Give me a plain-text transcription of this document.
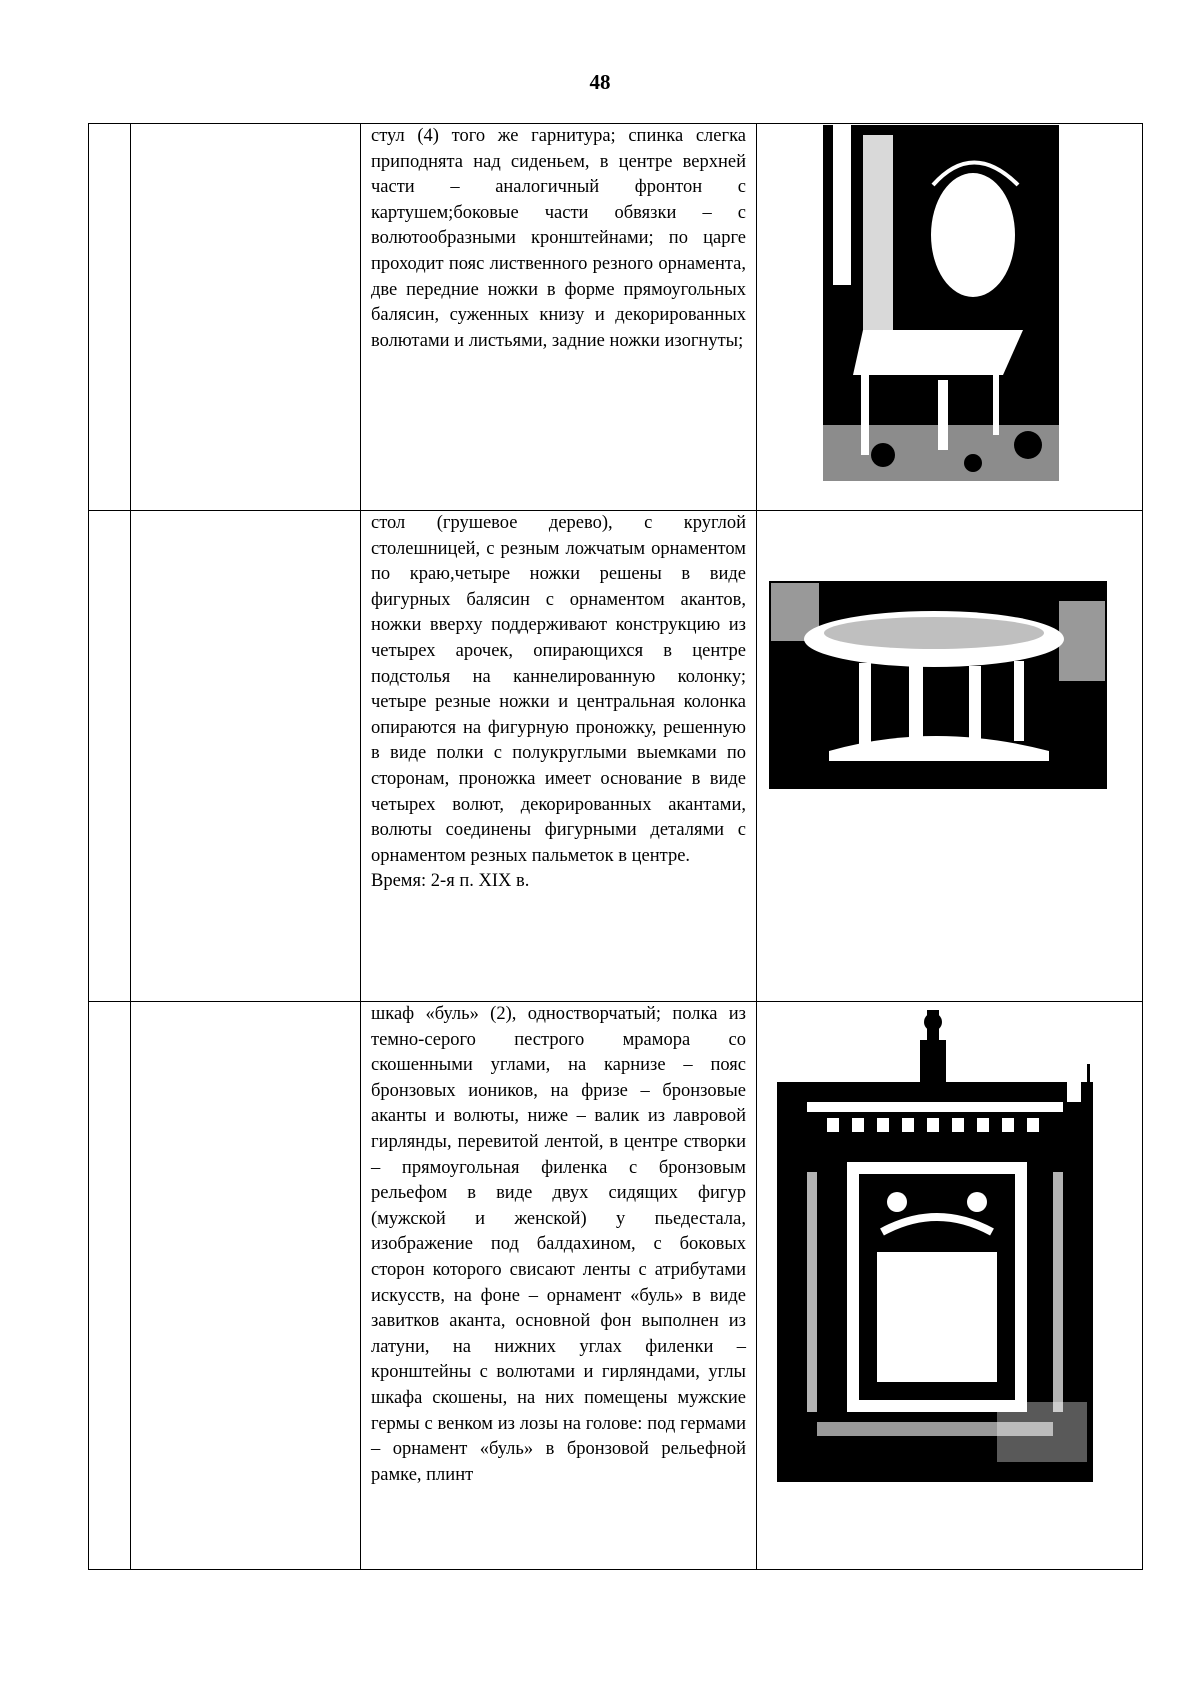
48

		стул (4) того же гарнитура; спинка слегка приподнята над сиденьем, в центре верхней части – аналогичный фронтон с картушем;боковые части обвязки – с волютообразными кронштейнами; по царге проходит пояс лиственного резного орнамента, две передние ножки в форме прямоугольных балясин, суженных книзу и декорированных волютами и листьями, задние ножки изогнуты;

		стол (грушевое дерево), с круглой столешницей, с резным ложчатым орнаментом по краю,четыре ножки решены в виде фигурных балясин с орнаментом акантов, ножки вверху поддерживают конструкцию из четырех арочек, опирающихся в центре подстолья на каннелированную колонку; четыре резные ножки и центральная колонка опираются на фигурную проножку, решенную в виде полки с полукруглыми выемками по сторонам, проножка имеет основание в виде четырех волют, декорированных акантами, волюты соединены фигурными деталями с орнаментом резных пальметок в центре.

Время: 2-я п. XIX в.

		шкаф «буль» (2), одностворчатый; полка из темно-серого пестрого мрамора со скошенными углами, на карнизе – пояс бронзовых иоников, на фризе – бронзовые аканты и волюты, ниже – валик из лавровой гирлянды, перевитой лентой, в центре створки – прямоугольная филенка с бронзовым рельефом в виде двух сидящих фигур (мужской и женской) у пьедестала, изображение под балдахином, с боковых сторон которого свисают ленты с атрибутами искусств, на фоне – орнамент «буль» в виде завитков аканта, основной фон выполнен из латуни, на нижних углах филенки – кронштейны с волютами и гирляндами, углы шкафа скошены, на них помещены мужские гермы с венком из лозы на голове: под гермами – орнамент «буль» в бронзовой рельефной рамке, плинт
